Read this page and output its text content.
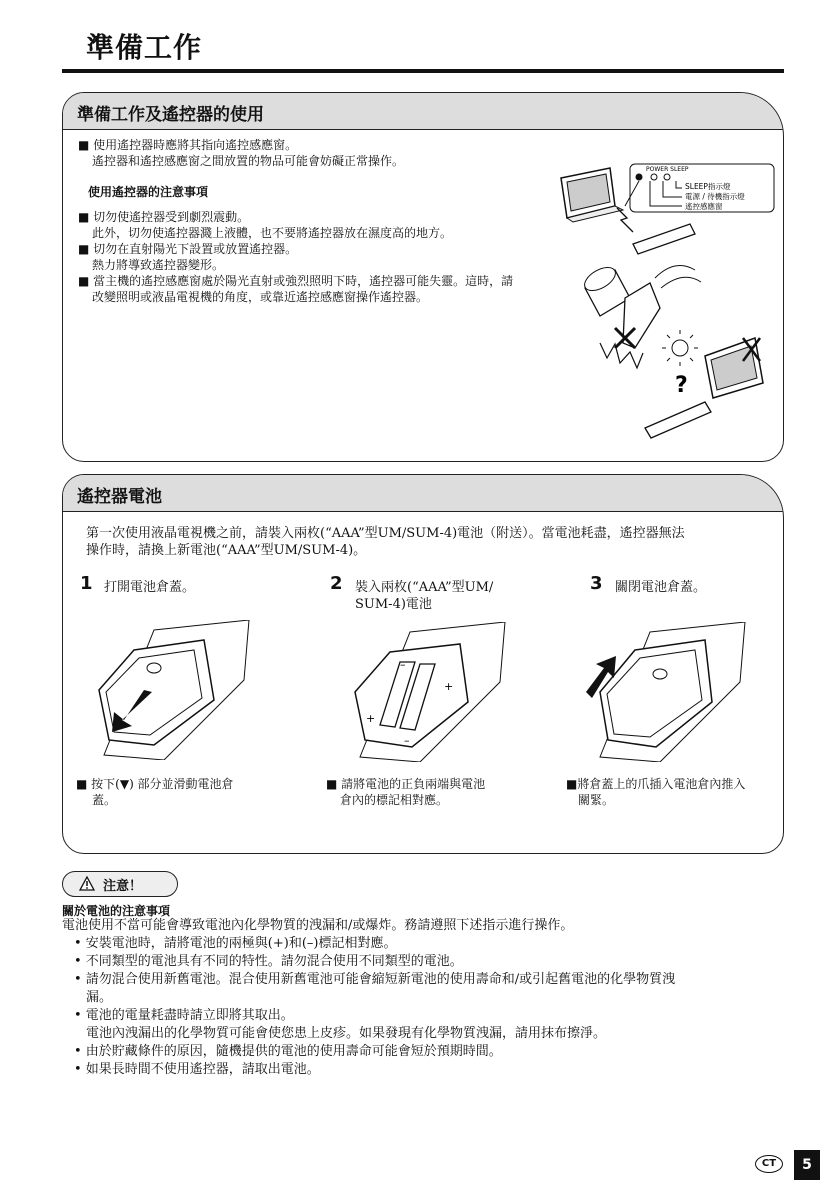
準備工作
準備工作及遙控器的使用
■ 使用遙控器時應將其指向遙控感應窗。
遙控器和遙控感應窗之間放置的物品可能會妨礙正常操作。
使用遙控器的注意事項
■ 切勿使遙控器受到劇烈震動。
此外，切勿使遙控器濺上液體，也不要將遙控器放在濕度高的地方。
■ 切勿在直射陽光下設置或放置遙控器。
熱力將導致遙控器變形。
■ 當主機的遙控感應窗處於陽光直射或強烈照明下時，遙控器可能失靈。這時，請
改變照明或液晶電視機的角度，或靠近遙控感應窗操作遙控器。
POWER SLEEP
SLEEP指示燈
電源 / 待機指示燈
遙控感應窗
?
遙控器電池
第一次使用液晶電視機之前，請裝入兩枚(“AAA”型UM/SUM-4)電池（附送）。當電池耗盡，遙控器無法
操作時，請換上新電池(“AAA”型UM/SUM-4)。
1 打開電池倉蓋。
■ 按下(▼) 部分並滑動電池倉
蓋。
2 裝入兩枚(“AAA”型UM/
SUM-4)電池
+
+
–
–
■ 請將電池的正負兩端與電池
倉內的標記相對應。
3 關閉電池倉蓋。
■將倉蓋上的爪插入電池倉內推入
關緊。
注意！
關於電池的注意事項
電池使用不當可能會導致電池內化學物質的洩漏和/或爆炸。務請遵照下述指示進行操作。
• 安裝電池時，請將電池的兩極與(+)和(–)標記相對應。
• 不同類型的電池具有不同的特性。請勿混合使用不同類型的電池。
• 請勿混合使用新舊電池。混合使用新舊電池可能會縮短新電池的使用壽命和/或引起舊電池的化學物質洩
漏。
• 電池的電量耗盡時請立即將其取出。
電池內洩漏出的化學物質可能會使您患上皮疹。如果發現有化學物質洩漏，請用抹布擦淨。
• 由於貯藏條件的原因，隨機提供的電池的使用壽命可能會短於預期時間。
• 如果長時間不使用遙控器，請取出電池。
CT	5
